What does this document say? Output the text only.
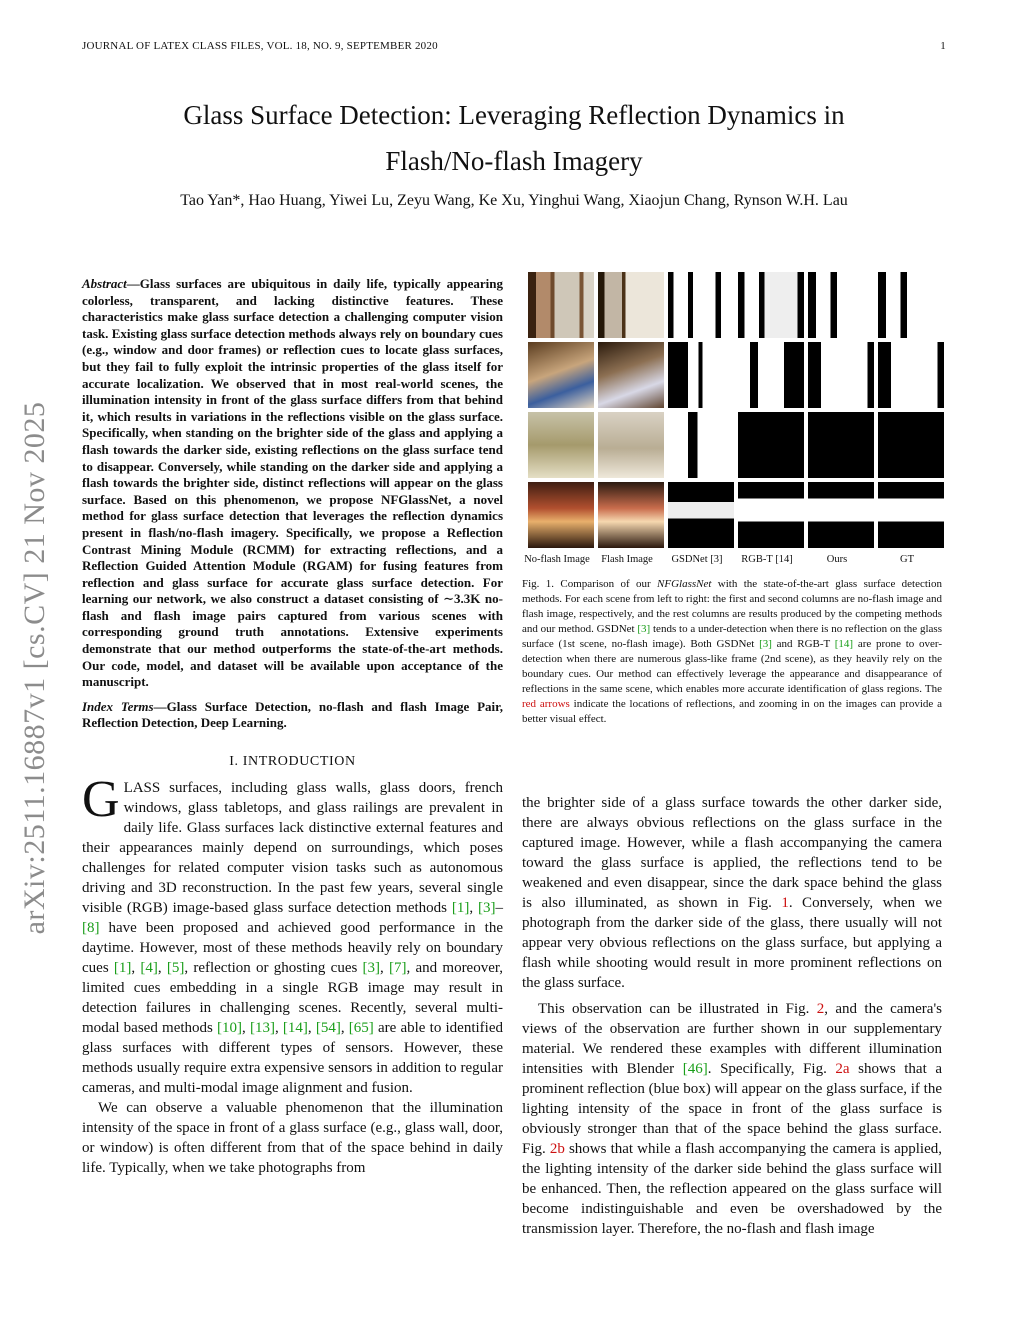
JOURNAL OF LATEX CLASS FILES, VOL. 18, NO. 9, SEPTEMBER 2020	1
arXiv:2511.16887v1 [cs.CV] 21 Nov 2025
Glass Surface Detection: Leveraging Reflection Dynamics in
Flash/No-flash Imagery
Tao Yan*, Hao Huang, Yiwei Lu, Zeyu Wang, Ke Xu, Yinghui Wang, Xiaojun Chang, Rynson W.H. Lau
Abstract—Glass surfaces are ubiquitous in daily life, typically appearing colorless, transparent, and lacking distinctive features. These characteristics make glass surface detection a challenging computer vision task. Existing glass surface detection methods always rely on boundary cues (e.g., window and door frames) or reflection cues to locate glass surfaces, but they fail to fully exploit the intrinsic properties of the glass itself for accurate localization. We observed that in most real-world scenes, the illumination intensity in front of the glass surface differs from that behind it, which results in variations in the reflections visible on the glass surface. Specifically, when standing on the brighter side of the glass and applying a flash towards the darker side, existing reflections on the glass surface tend to disappear. Conversely, while standing on the darker side and applying a flash towards the brighter side, distinct reflections will appear on the glass surface. Based on this phenomenon, we propose NFGlassNet, a novel method for glass surface detection that leverages the reflection dynamics present in flash/no-flash imagery. Specifically, we propose a Reflection Contrast Mining Module (RCMM) for extracting reflections, and a Reflection Guided Attention Module (RGAM) for fusing features from reflection and glass surface for accurate glass surface detection. For learning our network, we also construct a dataset consisting of ∼3.3K no-flash and flash image pairs captured from various scenes with corresponding ground truth annotations. Extensive experiments demonstrate that our method outperforms the state-of-the-art methods. Our code, model, and dataset will be available upon acceptance of the manuscript.
Index Terms—Glass Surface Detection, no-flash and flash Image Pair, Reflection Detection, Deep Learning.
I. INTRODUCTION

GLASS surfaces, including glass walls, glass doors, french windows, glass tabletops, and glass railings are prevalent in daily life. Glass surfaces lack distinctive external features and their appearances mainly depend on surroundings, which poses challenges for related computer vision tasks such as autonomous driving and 3D reconstruction. In the past few years, several single visible (RGB) image-based glass surface detection methods [1], [3]–[8] have been proposed and achieved good performance in the daytime. However, most of these methods heavily rely on boundary cues [1], [4], [5], reflection or ghosting cues [3], [7], and moreover, limited cues embedding in a single RGB image may result in detection failures in challenging scenes. Recently, several multi-modal based methods [10], [13], [14], [54], [65] are able to identified glass surfaces with different types of sensors. However, these methods usually require extra expensive sensors in addition to regular cameras, and multi-modal image alignment and fusion.

We can observe a valuable phenomenon that the illumination intensity of the space in front of a glass surface (e.g., glass wall, door, or window) is often different from that of the space behind in daily life. Typically, when we take photographs from

No-flash Image	Flash Image	GSDNet [3]	RGB-T [14]	Ours	GT
Fig. 1. Comparison of our NFGlassNet with the state-of-the-art glass surface detection methods. For each scene from left to right: the first and second columns are no-flash image and flash image, respectively, and the rest columns are results produced by the competing methods and our method. GSDNet [3] tends to a under-detection when there is no reflection on the glass surface (1st scene, no-flash image). Both GSDNet [3] and RGB-T [14] are prone to over-detection when there are numerous glass-like frame (2nd scene), as they heavily rely on the boundary cues. Our method can effectively leverage the appearance and disappearance of reflections in the same scene, which enables more accurate identification of glass regions. The red arrows indicate the locations of reflections, and zooming in on the images can provide a better visual effect.

the brighter side of a glass surface towards the other darker side, there are always obvious reflections on the glass surface in the captured image. However, while a flash accompanying the camera toward the glass surface is applied, the reflections tend to be weakened and even disappear, since the dark space behind the glass is also illuminated, as shown in Fig. 1. Conversely, when we photograph from the darker side of the glass, there usually will not appear very obvious reflections on the glass surface, but applying a flash while shooting would result in more prominent reflections on the glass surface.

This observation can be illustrated in Fig. 2, and the camera's views of the observation are further shown in our supplementary material. We rendered these examples with different illumination intensities with Blender [46]. Specifically, Fig. 2a shows that a prominent reflection (blue box) will appear on the glass surface, if the lighting intensity of the space in front of the glass surface is obviously stronger than that of the space behind the glass surface. Fig. 2b shows that while a flash accompanying the camera is applied, the lighting intensity of the darker side behind the glass surface will be enhanced. Then, the reflection appeared on the glass surface will become indistinguishable and even be overshadowed by the transmission layer. Therefore, the no-flash and flash image
